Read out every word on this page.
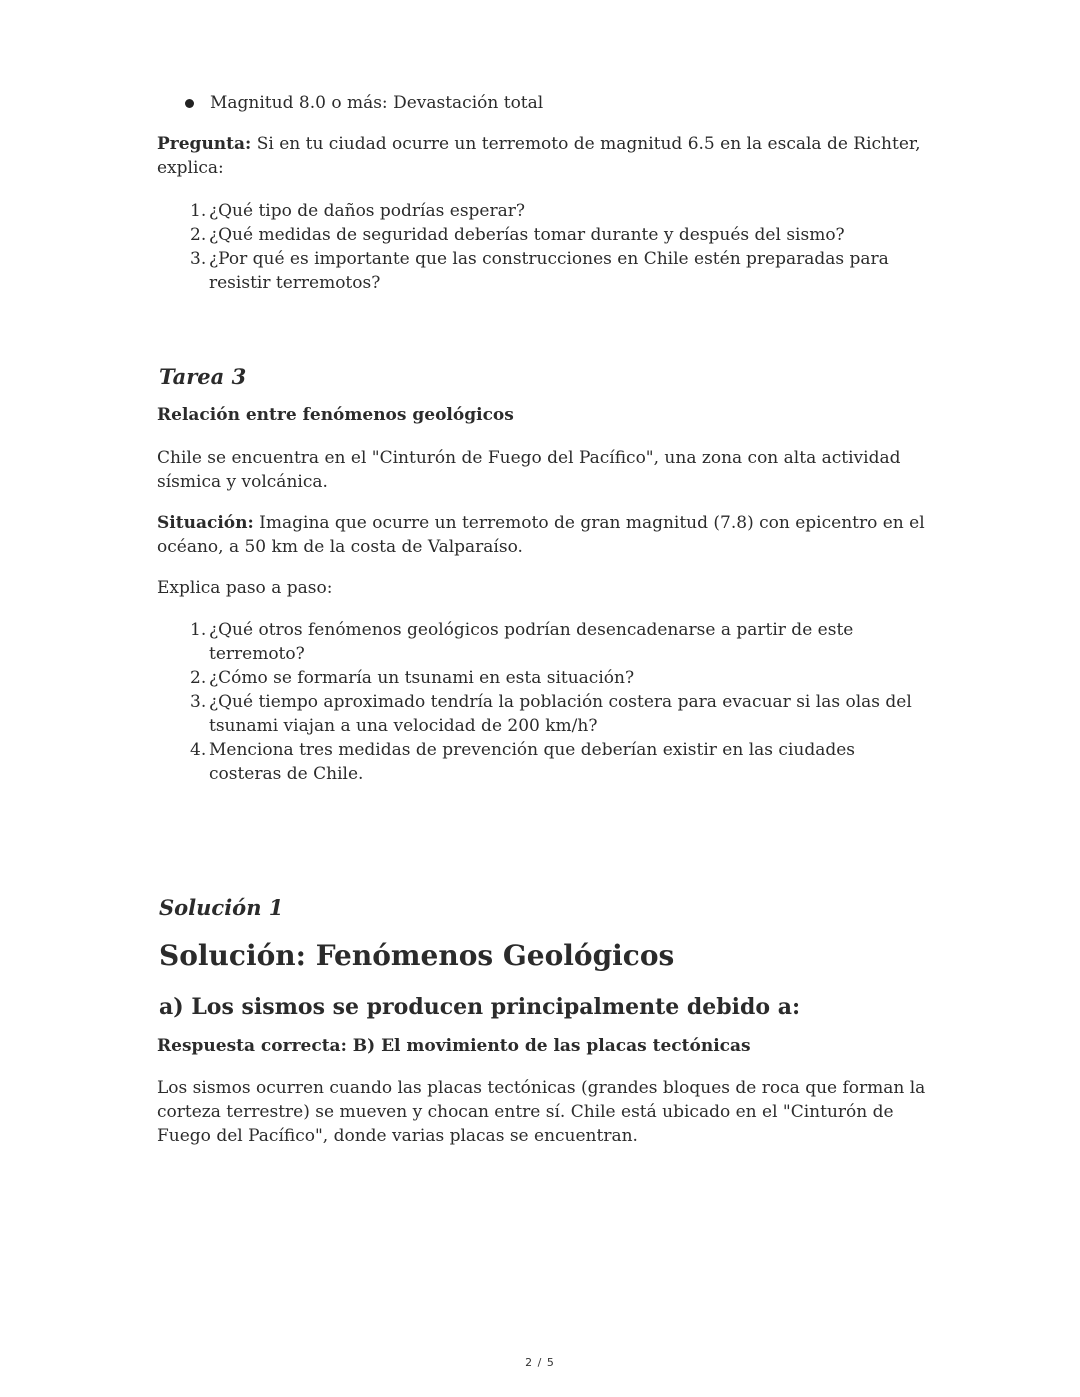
Magnitud 8.0 o más: Devastación total

Pregunta: Si en tu ciudad ocurre un terremoto de magnitud 6.5 en la escala de Richter, explica:

1. ¿Qué tipo de daños podrías esperar?
2. ¿Qué medidas de seguridad deberías tomar durante y después del sismo?
3. ¿Por qué es importante que las construcciones en Chile estén preparadas para resistir terremotos?
Tarea 3
Relación entre fenómenos geológicos

Chile se encuentra en el "Cinturón de Fuego del Pacífico", una zona con alta actividad sísmica y volcánica.

Situación: Imagina que ocurre un terremoto de gran magnitud (7.8) con epicentro en el océano, a 50 km de la costa de Valparaíso.

Explica paso a paso:
1. ¿Qué otros fenómenos geológicos podrían desencadenarse a partir de este terremoto?
2. ¿Cómo se formaría un tsunami en esta situación?
3. ¿Qué tiempo aproximado tendría la población costera para evacuar si las olas del tsunami viajan a una velocidad de 200 km/h?
4. Menciona tres medidas de prevención que deberían existir en las ciudades costeras de Chile.
Solución 1
Solución: Fenómenos Geológicos
a) Los sismos se producen principalmente debido a:
Respuesta correcta: B) El movimiento de las placas tectónicas

Los sismos ocurren cuando las placas tectónicas (grandes bloques de roca que forman la corteza terrestre) se mueven y chocan entre sí. Chile está ubicado en el "Cinturón de Fuego del Pacífico", donde varias placas se encuentran.

2 / 5
